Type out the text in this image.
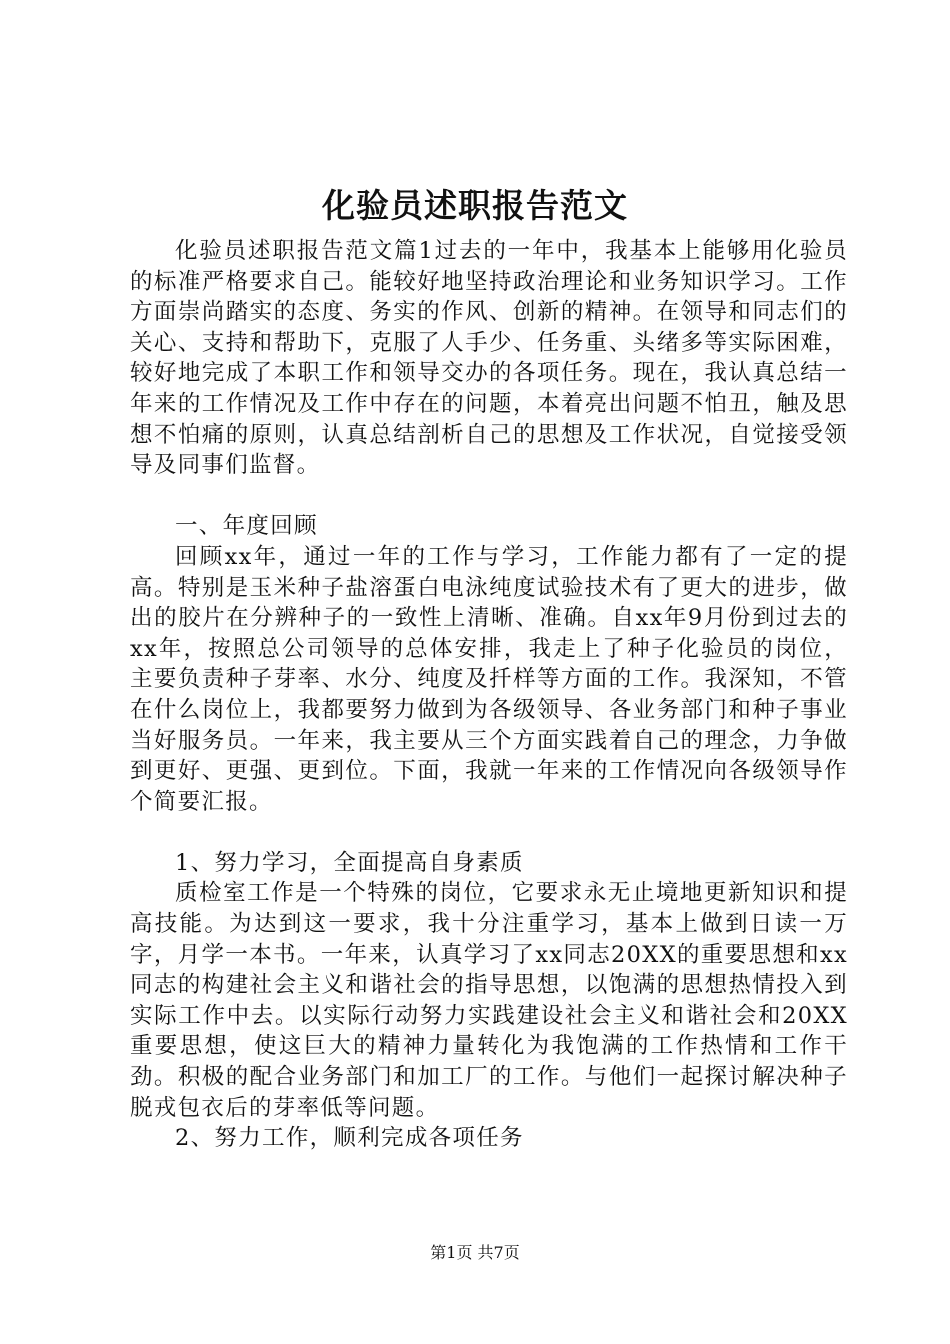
化验员述职报告范文

化验员述职报告范文篇1过去的一年中，我基本上能够用化验员的标准严格要求自己。能较好地坚持政治理论和业务知识学习。工作方面崇尚踏实的态度、务实的作风、创新的精神。在领导和同志们的关心、支持和帮助下，克服了人手少、任务重、头绪多等实际困难，较好地完成了本职工作和领导交办的各项任务。现在，我认真总结一年来的工作情况及工作中存在的问题，本着亮出问题不怕丑，触及思想不怕痛的原则，认真总结剖析自己的思想及工作状况，自觉接受领导及同事们监督。

一、年度回顾

回顾xx年，通过一年的工作与学习，工作能力都有了一定的提高。特别是玉米种子盐溶蛋白电泳纯度试验技术有了更大的进步，做出的胶片在分辨种子的一致性上清晰、准确。自xx年9月份到过去的xx年，按照总公司领导的总体安排，我走上了种子化验员的岗位，主要负责种子芽率、水分、纯度及扦样等方面的工作。我深知，不管在什么岗位上，我都要努力做到为各级领导、各业务部门和种子事业当好服务员。一年来，我主要从三个方面实践着自己的理念，力争做到更好、更强、更到位。下面，我就一年来的工作情况向各级领导作个简要汇报。

1、努力学习，全面提高自身素质

质检室工作是一个特殊的岗位，它要求永无止境地更新知识和提高技能。为达到这一要求，我十分注重学习，基本上做到日读一万字，月学一本书。一年来，认真学习了xx同志20XX的重要思想和xx同志的构建社会主义和谐社会的指导思想，以饱满的思想热情投入到实际工作中去。以实际行动努力实践建设社会主义和谐社会和20XX重要思想，使这巨大的精神力量转化为我饱满的工作热情和工作干劲。积极的配合业务部门和加工厂的工作。与他们一起探讨解决种子脱戎包衣后的芽率低等问题。

2、努力工作，顺利完成各项任务

第1页 共7页
